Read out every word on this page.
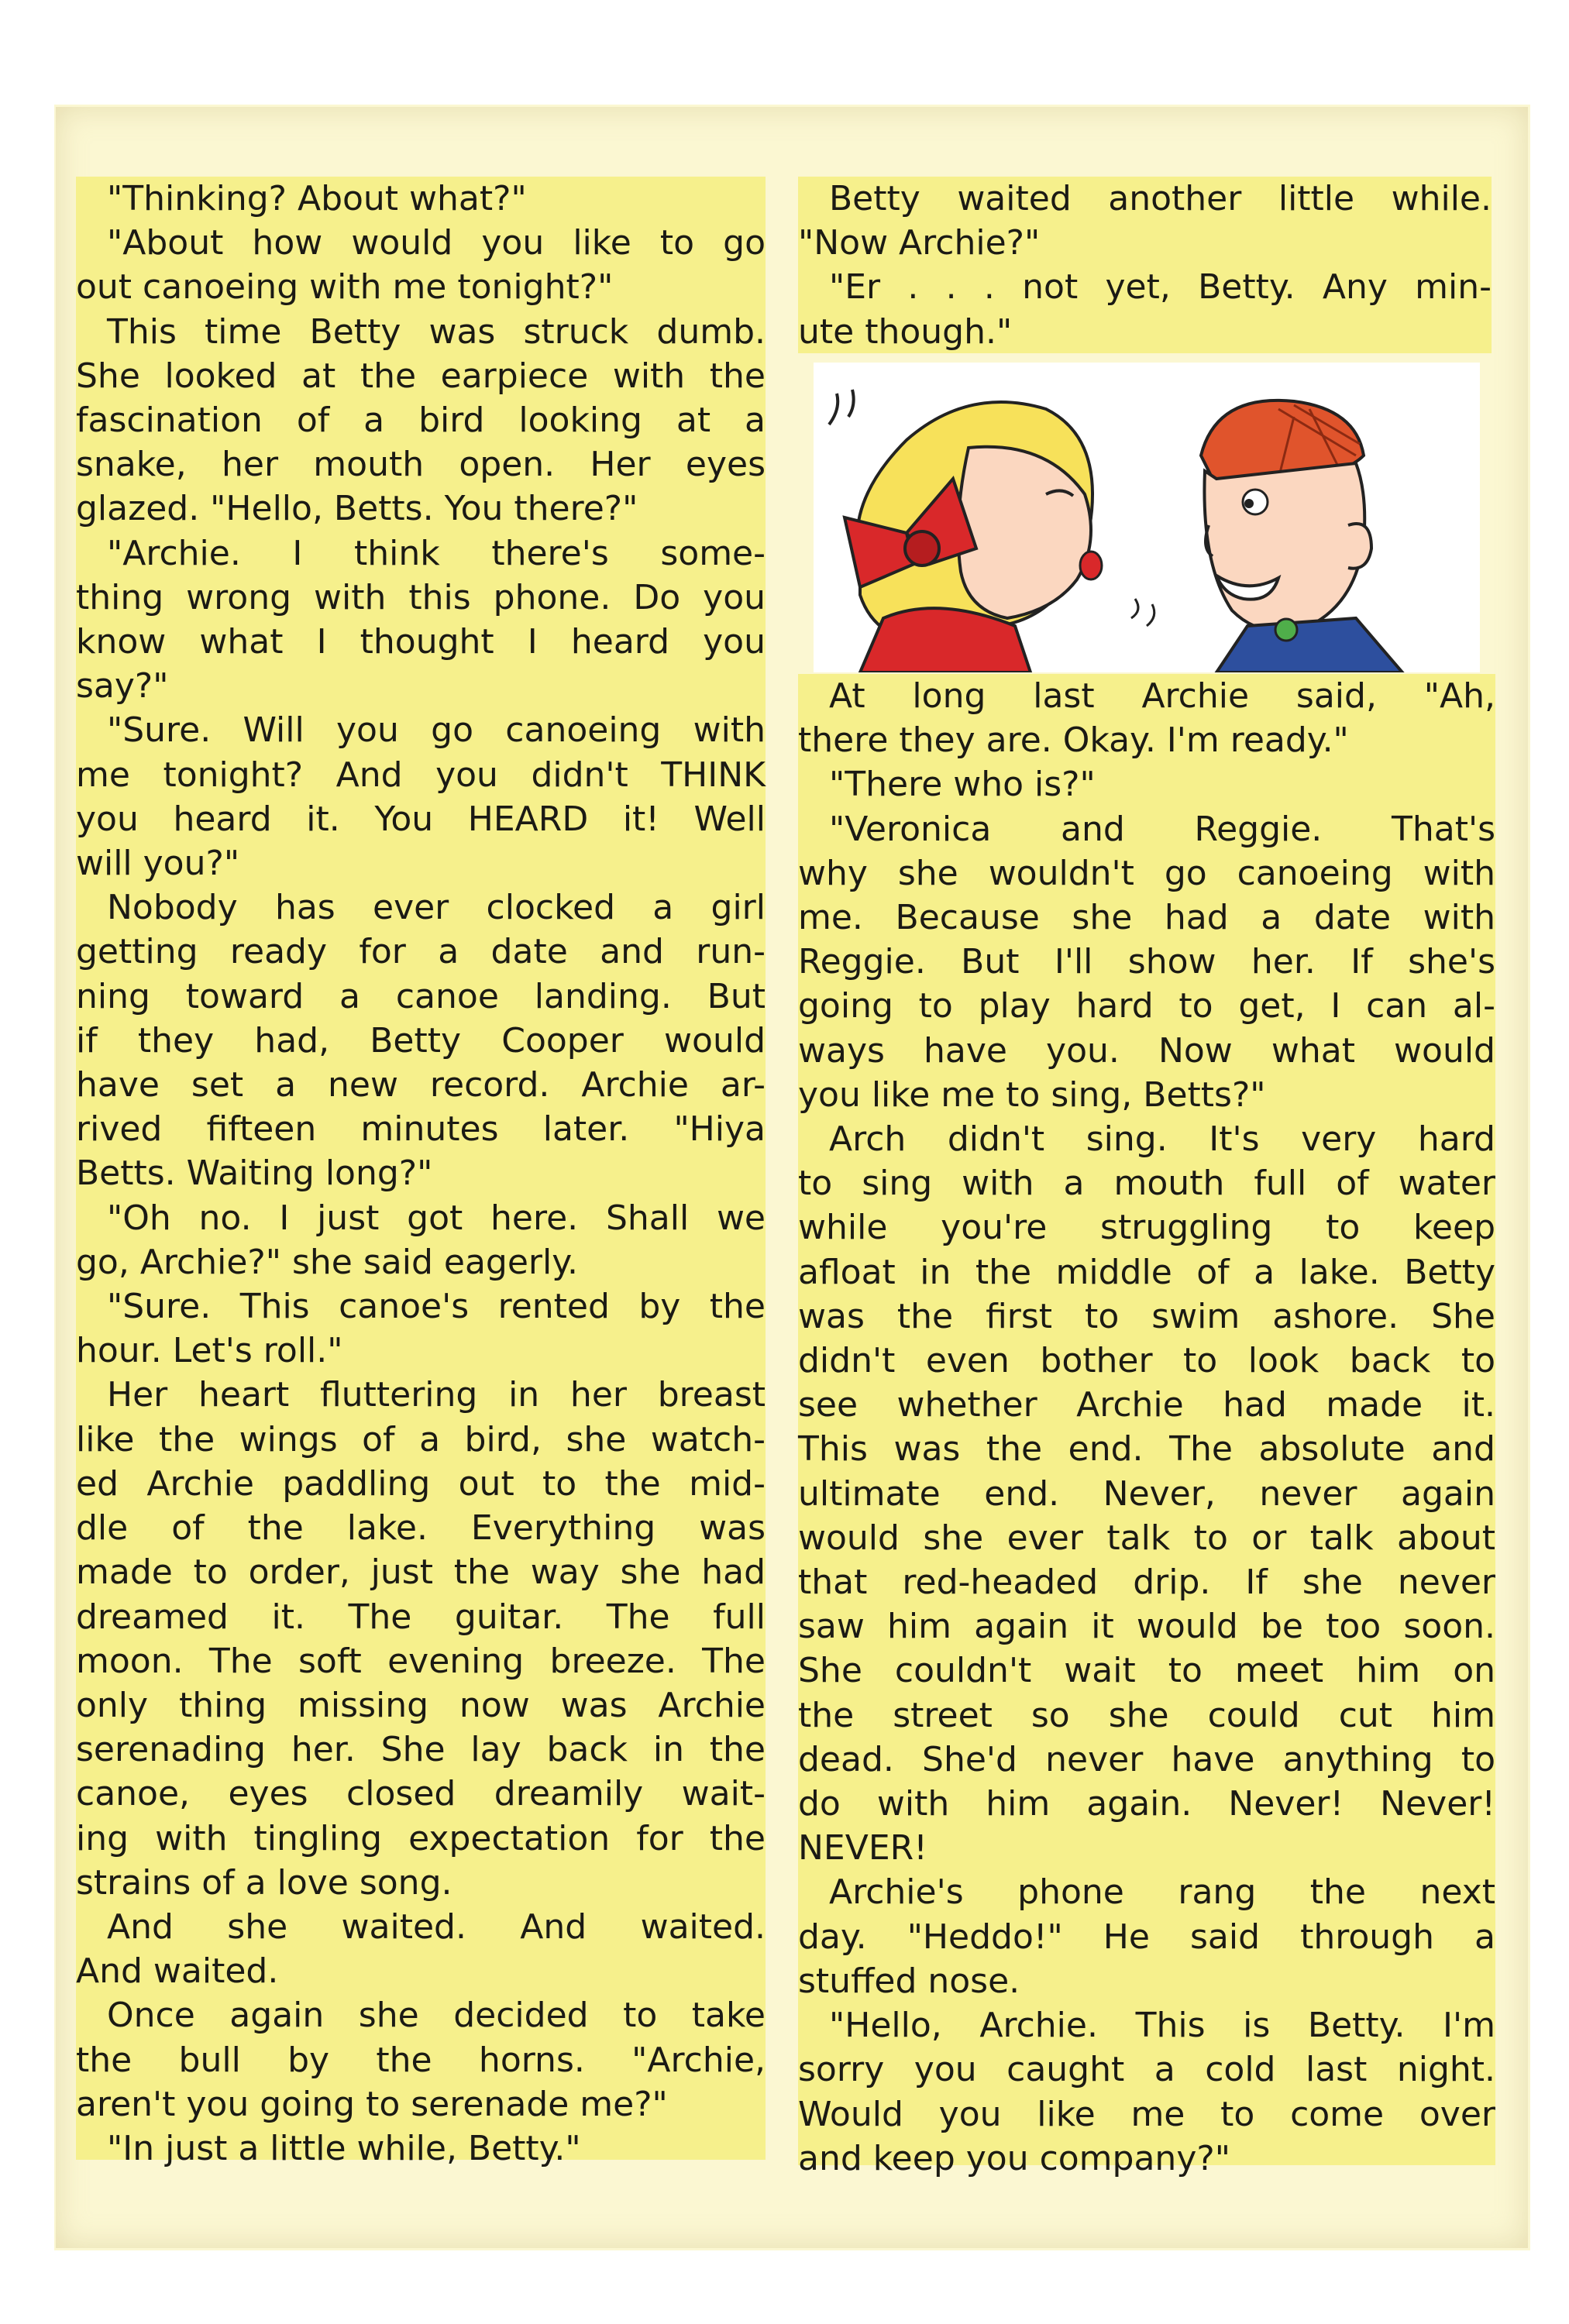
"Thinking? About what?"
"About how would you like to go
out canoeing with me tonight?"
This time Betty was struck dumb.
She looked at the earpiece with the
fascination of a bird looking at a
snake, her mouth open. Her eyes
glazed. "Hello, Betts. You there?"
"Archie. I think there's some-
thing wrong with this phone. Do you
know what I thought I heard you
say?"
"Sure. Will you go canoeing with
me tonight? And you didn't THINK
you heard it. You HEARD it! Well
will you?"
Nobody has ever clocked a girl
getting ready for a date and run-
ning toward a canoe landing. But
if they had, Betty Cooper would
have set a new record. Archie ar-
rived fifteen minutes later. "Hiya
Betts. Waiting long?"
"Oh no. I just got here. Shall we
go, Archie?" she said eagerly.
"Sure. This canoe's rented by the
hour. Let's roll."
Her heart fluttering in her breast
like the wings of a bird, she watch-
ed Archie paddling out to the mid-
dle of the lake. Everything was
made to order, just the way she had
dreamed it. The guitar. The full
moon. The soft evening breeze. The
only thing missing now was Archie
serenading her. She lay back in the
canoe, eyes closed dreamily wait-
ing with tingling expectation for the
strains of a love song.
And she waited. And waited.
And waited.
Once again she decided to take
the bull by the horns. "Archie,
aren't you going to serenade me?"
"In just a little while, Betty."
Betty waited another little while.
"Now Archie?"
"Er . . . not yet, Betty. Any min-
ute though."
At long last Archie said, "Ah,
there they are. Okay. I'm ready."
"There who is?"
"Veronica and Reggie. That's
why she wouldn't go canoeing with
me. Because she had a date with
Reggie. But I'll show her. If she's
going to play hard to get, I can al-
ways have you. Now what would
you like me to sing, Betts?"
Arch didn't sing. It's very hard
to sing with a mouth full of water
while you're struggling to keep
afloat in the middle of a lake. Betty
was the first to swim ashore. She
didn't even bother to look back to
see whether Archie had made it.
This was the end. The absolute and
ultimate end. Never, never again
would she ever talk to or talk about
that red-headed drip. If she never
saw him again it would be too soon.
She couldn't wait to meet him on
the street so she could cut him
dead. She'd never have anything to
do with him again. Never! Never!
NEVER!
Archie's phone rang the next
day. "Heddo!" He said through a
stuffed nose.
"Hello, Archie. This is Betty. I'm
sorry you caught a cold last night.
Would you like me to come over
and keep you company?"
